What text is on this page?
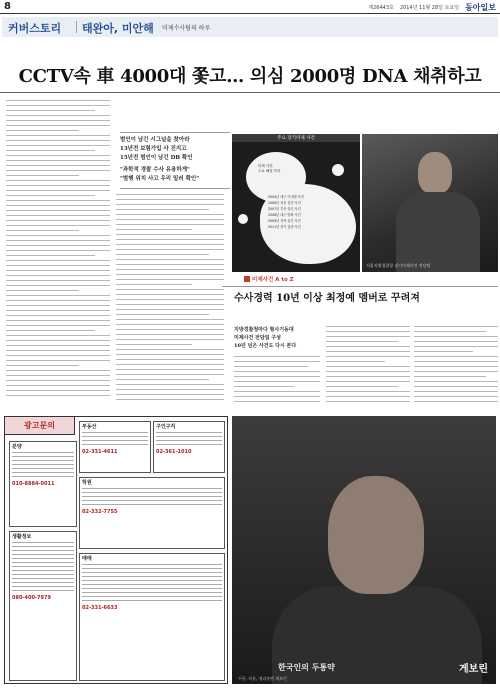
8	제26443호 2014년 11월 28일 토요일 동아일보
커버스토리 태완아, 미안해 미제수사팀의 하루
CCTV속 車 4000대 쫓고… 의심 2000명 DNA 채취하고
범인이 남긴 시그널을 찾아라
13년전 보험가입 사 진지고
15년전 범인이 남긴 DB 확인
"과학적 경찰 수사 유용하게"
"범행 위치 사고 우리 밀러 확인"
주요 장기미제 사건
미제 사건
주요 해결 목록
2004년 대구 여대생 사건
2006년 서울 살인 사건
2007년 부산 살인 사건
2008년 대구 방화 사건
2009년 전북 살인 사건
2011년 경기 실종 사건
서울지방경찰청 장기미제사건 전담팀
미제사건 A to Z
수사경력 10년 이상 최정예 멤버로 꾸려져
지방경찰청마다 형사기동대
미제사건 전담팀 구성
10년 넘은 사건도 다시 본다
광고문의	부동산
02-331-4611
구인구직
02-361-1010
분양
010-8884-0011	학원
02-332-7755
생활정보
080-400-7979
매매
02-331-6633
한국인의 두통약	게보린
두통, 치통, 생리통엔 게보린
